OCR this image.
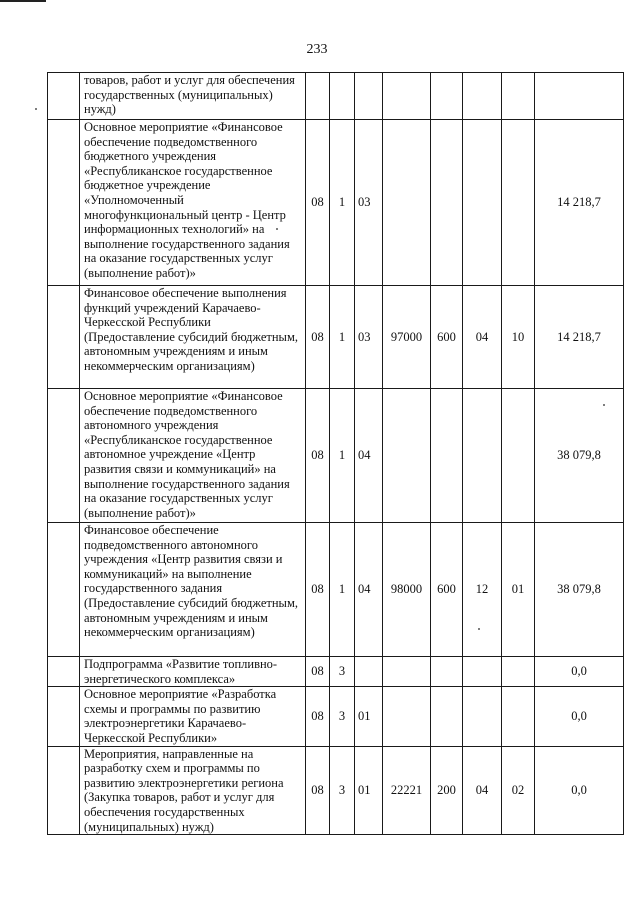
233
	товаров, работ и услуг для обеспечения государственных (муниципальных) нужд)								
	Основное мероприятие «Финансовое обеспечение подведомственного бюджетного учреждения «Республиканское государственное бюджетное учреждение «Уполномоченный многофункциональный центр - Центр информационных технологий» на выполнение государственного задания на оказание государственных услуг (выполнение работ)»	08	1	03					14 218,7
	Финансовое обеспечение выполнения функций учреждений Карачаево-Черкесской Республики (Предоставление субсидий бюджетным, автономным учреждениям и иным некоммерческим организациям)	08	1	03	97000	600	04	10	14 218,7
	Основное мероприятие «Финансовое обеспечение подведомственного автономного учреждения «Республиканское государственное автономное учреждение «Центр развития связи и коммуникаций» на выполнение государственного задания на оказание государственных услуг (выполнение работ)»	08	1	04					38 079,8
	Финансовое обеспечение подведомственного автономного учреждения «Центр развития связи и коммуникаций» на выполнение государственного задания (Предоставление субсидий бюджетным, автономным учреждениям и иным некоммерческим организациям)	08	1	04	98000	600	12	01	38 079,8
	Подпрограмма «Развитие топливно-энергетического комплекса»	08	3						0,0
	Основное мероприятие «Разработка схемы и программы по развитию электроэнергетики Карачаево-Черкесской Республики»	08	3	01					0,0
	Мероприятия, направленные на разработку схем и программы по развитию электроэнергетики региона (Закупка товаров, работ и услуг для обеспечения государственных (муниципальных) нужд)	08	3	01	22221	200	04	02	0,0
